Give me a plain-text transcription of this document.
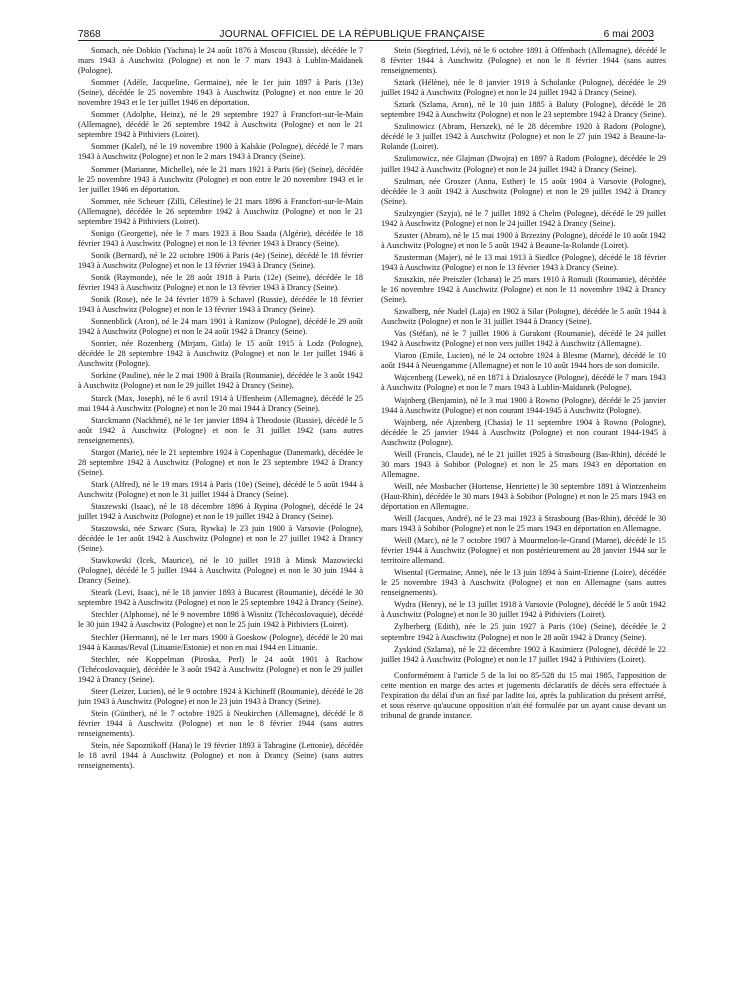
7868	JOURNAL OFFICIEL DE LA RÉPUBLIQUE FRANÇAISE	6 mai 2003

Somach, née Dobkin (Yachma) le 24 août 1876 à Moscou (Russie), décédée le 7 mars 1943 à Auschwitz (Pologne) et non le 7 mars 1943 à Lublin-Maïdanek (Pologne).

Sommer (Adèle, Jacqueline, Germaine), née le 1er juin 1897 à Paris (13e) (Seine), décédée le 25 novembre 1943 à Auschwitz (Pologne) et non entre le 20 novembre 1943 et le 1er juillet 1946 en déportation.

Sommer (Adolphe, Heinz), né le 29 septembre 1927 à Francfort-sur-le-Main (Allemagne), décédé le 26 septembre 1942 à Auschwitz (Pologne) et non le 21 septembre 1942 à Pithiviers (Loiret).

Sommer (Kalel), né le 19 novembre 1900 à Kalskie (Pologne), décédé le 7 mars 1943 à Auschwitz (Pologne) et non le 2 mars 1943 à Drancy (Seine).

Sommer (Marianne, Michelle), née le 21 mars 1921 à Paris (6e) (Seine), décédée le 25 novembre 1943 à Auschwitz (Pologne) et non entre le 20 novembre 1943 et le 1er juillet 1946 en déportation.

Sommer, née Scheuer (Zilli, Célestine) le 21 mars 1896 à Francfort-sur-le-Main (Allemagne), décédée le 26 septembre 1942 à Auschwitz (Pologne) et non le 21 septembre 1942 à Pithiviers (Loiret).

Sonigo (Georgette), née le 7 mars 1923 à Bou Saada (Algérie), décédée le 18 février 1943 à Auschwitz (Pologne) et non le 13 février 1943 à Drancy (Seine).

Sonik (Bernard), né le 22 octobre 1906 à Paris (4e) (Seine), décédé le 18 février 1943 à Auschwitz (Pologne) et non le 13 février 1943 à Drancy (Seine).

Sonik (Raymonde), née le 28 août 1918 à Paris (12e) (Seine), décédée le 18 février 1943 à Auschwitz (Pologne) et non le 13 février 1943 à Drancy (Seine).

Sonik (Rose), née le 24 février 1879 à Schavel (Russie), décédée le 18 février 1943 à Auschwitz (Pologne) et non le 13 février 1943 à Drancy (Seine).

Sonnenblick (Aron), né le 24 mars 1901 à Ranizow (Pologne), décédé le 29 août 1942 à Auschwitz (Pologne) et non le 24 août 1942 à Drancy (Seine).

Sonrier, née Rozenberg (Mirjam, Gitla) le 15 août 1915 à Lodz (Pologne), décédée le 28 septembre 1942 à Auschwitz (Pologne) et non le 1er juillet 1946 à Auschwitz (Pologne).

Sorkine (Pauline), née le 2 mai 1900 à Braila (Roumanie), décédée le 3 août 1942 à Auschwitz (Pologne) et non le 29 juillet 1942 à Drancy (Seine).

Starck (Max, Joseph), né le 6 avril 1914 à Uffenheim (Allemagne), décédé le 25 mai 1944 à Auschwitz (Pologne) et non le 20 mai 1944 à Drancy (Seine).

Starckmann (Nackhmé), né le 1er janvier 1894 à Theodosie (Russie), décédé le 5 août 1942 à Auschwitz (Pologne) et non le 31 juillet 1942 (sans autres renseignements).

Stargot (Marie), née le 21 septembre 1924 à Copenhague (Danemark), décédée le 28 septembre 1942 à Auschwitz (Pologne) et non le 23 septembre 1942 à Drancy (Seine).

Stark (Alfred), né le 19 mars 1914 à Paris (10e) (Seine), décédé le 5 août 1944 à Auschwitz (Pologne) et non le 31 juillet 1944 à Drancy (Seine).

Staszewski (Isaac), né le 18 décembre 1896 à Rypina (Pologne), décédé le 24 juillet 1942 à Auschwitz (Pologne) et non le 19 juillet 1942 à Drancy (Seine).

Staszowski, née Szwarc (Sura, Rywka) le 23 juin 1900 à Varsovie (Pologne), décédée le 1er août 1942 à Auschwitz (Pologne) et non le 27 juillet 1942 à Drancy (Seine).

Stawkowski (Icek, Maurice), né le 10 juillet 1918 à Minsk Mazowiecki (Pologne), décédé le 5 juillet 1944 à Auschwitz (Pologne) et non le 30 juin 1944 à Drancy (Seine).

Steark (Levi, Isaac), né le 18 janvier 1893 à Bucarest (Roumanie), décédé le 30 septembre 1942 à Auschwitz (Pologne) et non le 25 septembre 1942 à Drancy (Seine).

Stechler (Alphonse), né le 9 novembre 1898 à Wisnitz (Tchécoslovaquie), décédé le 30 juin 1942 à Auschwitz (Pologne) et non le 25 juin 1942 à Pithiviers (Loiret).

Stechler (Hermann), né le 1er mars 1900 à Goeskow (Pologne), décédé le 20 mai 1944 à Kaunas/Reval (Lituanie/Estonie) et non en mai 1944 en Lituanie.

Stechler, née Koppelman (Piroska, Perl) le 24 août 1901 à Rachow (Tchécoslovaquie), décédée le 3 août 1942 à Auschwitz (Pologne) et non le 29 juillet 1942 à Drancy (Seine).

Steer (Leizer, Lucien), né le 9 octobre 1924 à Kichineff (Roumanie), décédé le 28 juin 1943 à Auschwitz (Pologne) et non le 23 juin 1943 à Drancy (Seine).

Stein (Günther), né le 7 octobre 1925 à Neukirchen (Allemagne), décédé le 8 février 1944 à Auschwitz (Pologne) et non le 8 février 1944 (sans autres renseignements).

Stein, née Sapoznikoff (Hana) le 19 février 1893 à Tabragine (Lettonie), décédée le 18 avril 1944 à Auschwitz (Pologne) et non à Drancy (Seine) (sans autres renseignements).

Stein (Siegfried, Lévi), né le 6 octobre 1891 à Offenbach (Allemagne), décédé le 8 février 1944 à Auschwitz (Pologne) et non le 8 février 1944 (sans autres renseignements).

Sztark (Hélène), née le 8 janvier 1919 à Scholanke (Pologne), décédée le 29 juillet 1942 à Auschwitz (Pologne) et non le 24 juillet 1942 à Drancy (Seine).

Sztark (Szlama, Aron), né le 10 juin 1885 à Baluty (Pologne), décédé le 28 septembre 1942 à Auschwitz (Pologne) et non le 23 septembre 1942 à Drancy (Seine).

Szulinowicz (Abram, Herszek), né le 28 décembre 1920 à Radom (Pologne), décédé le 3 juillet 1942 à Auschwitz (Pologne) et non le 27 juin 1942 à Beaune-la-Rolande (Loiret).

Szulimowicz, née Glajman (Dwojra) en 1897 à Radom (Pologne), décédée le 29 juillet 1942 à Auschwitz (Pologne) et non le 24 juillet 1942 à Drancy (Seine).

Szulman, née Groszer (Anna, Esther) le 15 août 1904 à Varsovie (Pologne), décédée le 3 août 1942 à Auschwitz (Pologne) et non le 29 juillet 1942 à Drancy (Seine).

Szulzyngier (Szyja), né le 7 juillet 1892 à Chelm (Pologne), décédé le 29 juillet 1942 à Auschwitz (Pologne) et non le 24 juillet 1942 à Drancy (Seine).

Szuster (Abram), né le 15 mai 1900 à Brzeziny (Pologne), décédé le 10 août 1942 à Auschwitz (Pologne) et non le 5 août 1942 à Beaune-la-Rolande (Loiret).

Szusterman (Majer), né le 13 mai 1913 à Siedlce (Pologne), décédé le 18 février 1943 à Auschwitz (Pologne) et non le 13 février 1943 à Drancy (Seine).

Szuszkin, née Preiszler (Ichana) le 25 mars 1910 à Romuli (Roumanie), décédée le 16 novembre 1942 à Auschwitz (Pologne) et non le 11 novembre 1942 à Drancy (Seine).

Szwalberg, née Nudel (Laja) en 1902 à Silar (Pologne), décédée le 5 août 1944 à Auschwitz (Pologne) et non le 31 juillet 1944 à Drancy (Seine).

Vas (Stéfan), né le 7 juillet 1906 à Gurakont (Roumanie), décédé le 24 juillet 1942 à Auschwitz (Pologne) et non vers juillet 1942 à Auschwitz (Allemagne).

Viaron (Emile, Lucien), né le 24 octobre 1924 à Blesme (Marne), décédé le 10 août 1944 à Neuengamme (Allemagne) et non le 10 août 1944 hors de son domicile.

Wajcenberg (Lewek), né en 1871 à Dzialoszyce (Pologne), décédé le 7 mars 1943 à Auschwitz (Pologne) et non le 7 mars 1943 à Lublin-Maïdanek (Pologne).

Wajnberg (Benjamin), né le 3 mai 1900 à Rowno (Pologne), décédé le 25 janvier 1944 à Auschwitz (Pologne) et non courant 1944-1945 à Auschwitz (Pologne).

Wajnberg, née Ajzenberg (Chasia) le 11 septembre 1904 à Rowno (Pologne), décédée le 25 janvier 1944 à Auschwitz (Pologne) et non courant 1944-1945 à Auschwitz (Pologne).

Weill (Francis, Claude), né le 21 juillet 1925 à Strasbourg (Bas-Rhin), décédé le 30 mars 1943 à Sobibor (Pologne) et non le 25 mars 1943 en déportation en Allemagne.

Weill, née Mosbacher (Hortense, Henriette) le 30 septembre 1891 à Wintzenheim (Haut-Rhin), décédée le 30 mars 1943 à Sobibor (Pologne) et non le 25 mars 1943 en déportation en Allemagne.

Weill (Jacques, André), né le 23 mai 1923 à Strasbourg (Bas-Rhin), décédé le 30 mars 1943 à Sobibor (Pologne) et non le 25 mars 1943 en déportation en Allemagne.

Weill (Marc), né le 7 octobre 1907 à Mourmelon-le-Grand (Marne), décédé le 15 février 1944 à Auschwitz (Pologne) et non postérieurement au 28 janvier 1944 sur le territoire allemand.

Wisental (Germaine, Anne), née le 13 juin 1894 à Saint-Etienne (Loire), décédée le 25 novembre 1943 à Auschwitz (Pologne) et non en Allemagne (sans autres renseignements).

Wydra (Henry), né le 13 juillet 1918 à Varsovie (Pologne), décédé le 5 août 1942 à Auschwitz (Pologne) et non le 30 juillet 1942 à Pithiviers (Loiret).

Zylberberg (Edith), née le 25 juin 1927 à Paris (10e) (Seine), décédée le 2 septembre 1942 à Auschwitz (Pologne) et non le 28 août 1942 à Drancy (Seine).

Zyskind (Szlama), né le 22 décembre 1902 à Kasimierz (Pologne), décédé le 22 juillet 1942 à Auschwitz (Pologne) et non le 17 juillet 1942 à Pithiviers (Loiret).

Conformément à l'article 5 de la loi no 85-528 du 15 mai 1985, l'apposition de cette mention en marge des actes et jugements déclaratifs de décès sera effectuée à l'expiration du délai d'un an fixé par ladite loi, après la publication du présent arrêté, et sous réserve qu'aucune opposition n'ait été formulée par un ayant cause devant un tribunal de grande instance.
